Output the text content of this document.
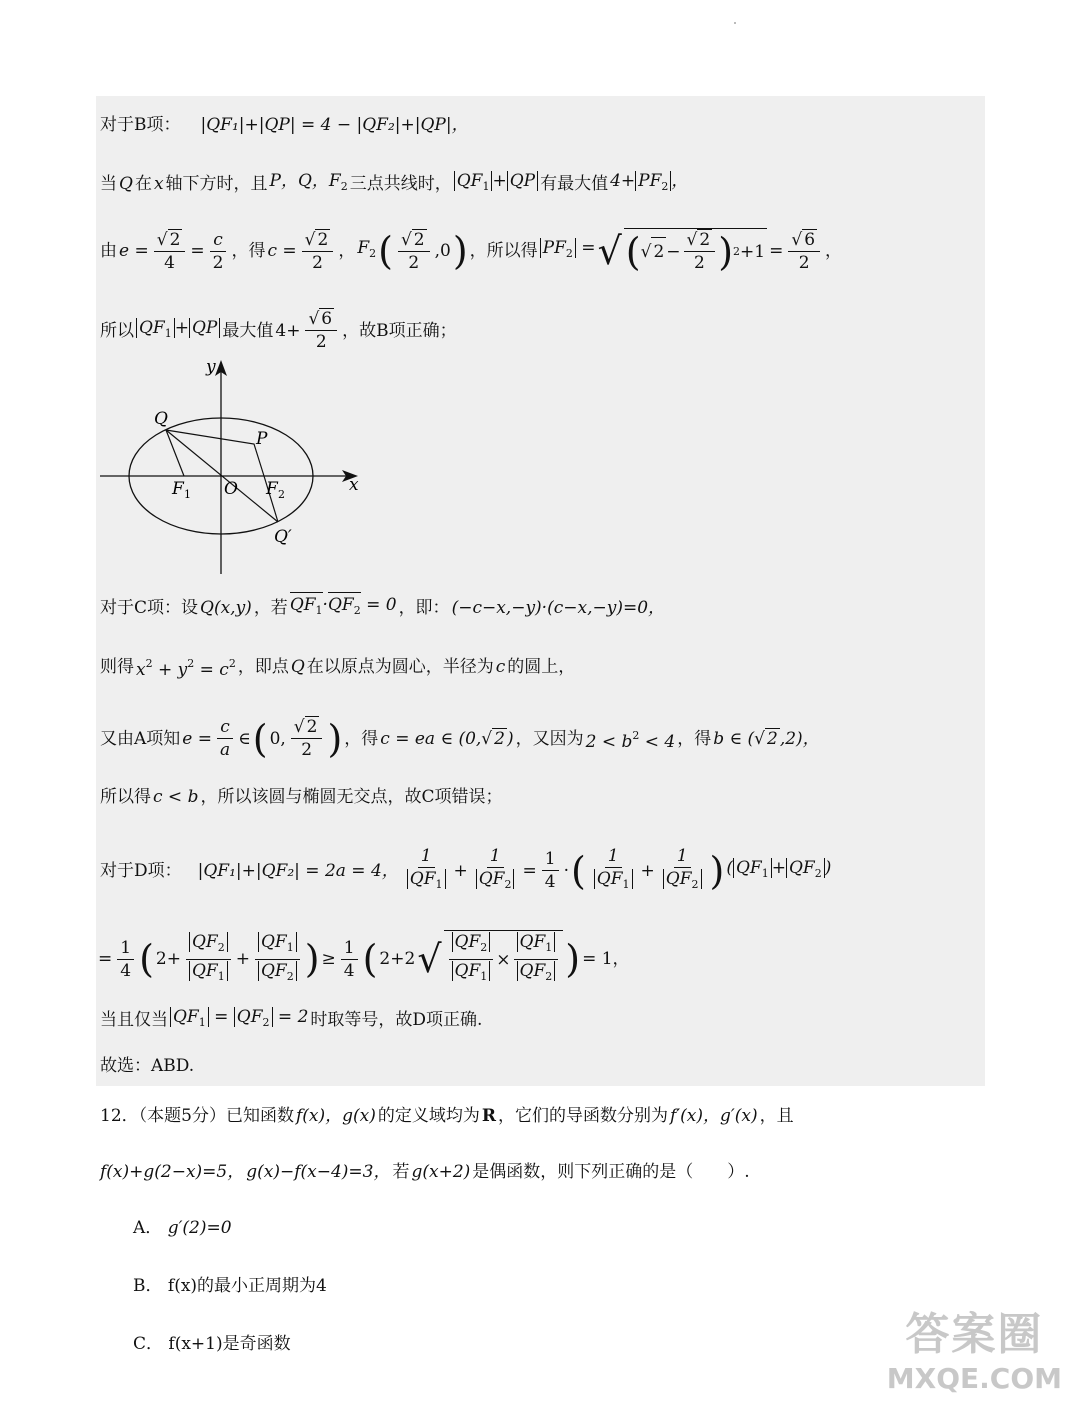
对于B项： |QF₁|+|QP| = 4 − |QF₂|+|QP|，
当 Q 在 x 轴下方时，且 P，Q，$F_2$ 三点共线时， $QF_1$ + QP 有最大值 $4+ PF_2$ ，
由 $e = \frac{√ 2}{4} = \frac{c}{2}$ ，得 $c = \frac{√ 2}{2}$ ， $F_2$ ( $\frac{√ 2}{2} ,0$ ) ，所以得 $PF_2$ = √ ( √ $2 - \frac{√ 2}{2}$ ) $2 +1 = \frac{√ 6}{2}$ ，
所以 $QF_1$ + QP 最大值 $4+ \frac{√ 6}{2}$ ，故B项正确；
y
x
Q
P
F 1 O F 2
Q′
对于C项：设 Q(x,y) ，若 $QF_1\cdot QF_2 = 0$ ，即： (−c−x,−y)·(c−x,−y)=0，
则得 $x^2 + y^2 = c^2$ ，即点 Q 在以原点为圆心，半径为 c 的圆上，
又由A项知 $e = \frac{c}{a}$ ∈ ( 0, $\frac{√ 2}{2}$ ) ，得 c = ea ∈ (0,√ 2 ) ，又因为 $2 < b^2 < 4$ ，得 b ∈ (√ 2 ,2)，
所以得 c < b ，所以该圆与椭圆无交点，故C项错误；
对于D项： |QF₁|+|QF₂| = 2a = 4， $\frac{1}{QF_1} + \frac{1}{QF_2} = \frac{1}{4}$ · ( $\frac{1}{QF_1} + \frac{1}{QF_2}$ ) ( $QF_1 + QF_2$ )
= $\frac{1}{4}$ ( $2+ \frac{QF_2}{QF_1} + \frac{QF_1}{QF_2}$ ) ≥ $\frac{1}{4}$ ( 2+2 √ $\frac{QF_2}{QF_1} \times \frac{QF_1}{QF_2}$ ) = 1，
当且仅当 $QF_1 = QF_2 = 2$ 时取等号，故D项正确.
故选：ABD.
12．（本题5分）已知函数 f(x)，g(x) 的定义域均为 R ，它们的导函数分别为 f′(x)，g′(x) ，且
f(x)+g(2−x)=5， g(x)−f(x−4)=3， 若 g(x+2) 是偶函数，则下列正确的是（　　）.
A． g′(2)=0
B． f(x)的最小正周期为4
C． f(x+1)是奇函数	答案圈
MXQE.COM
